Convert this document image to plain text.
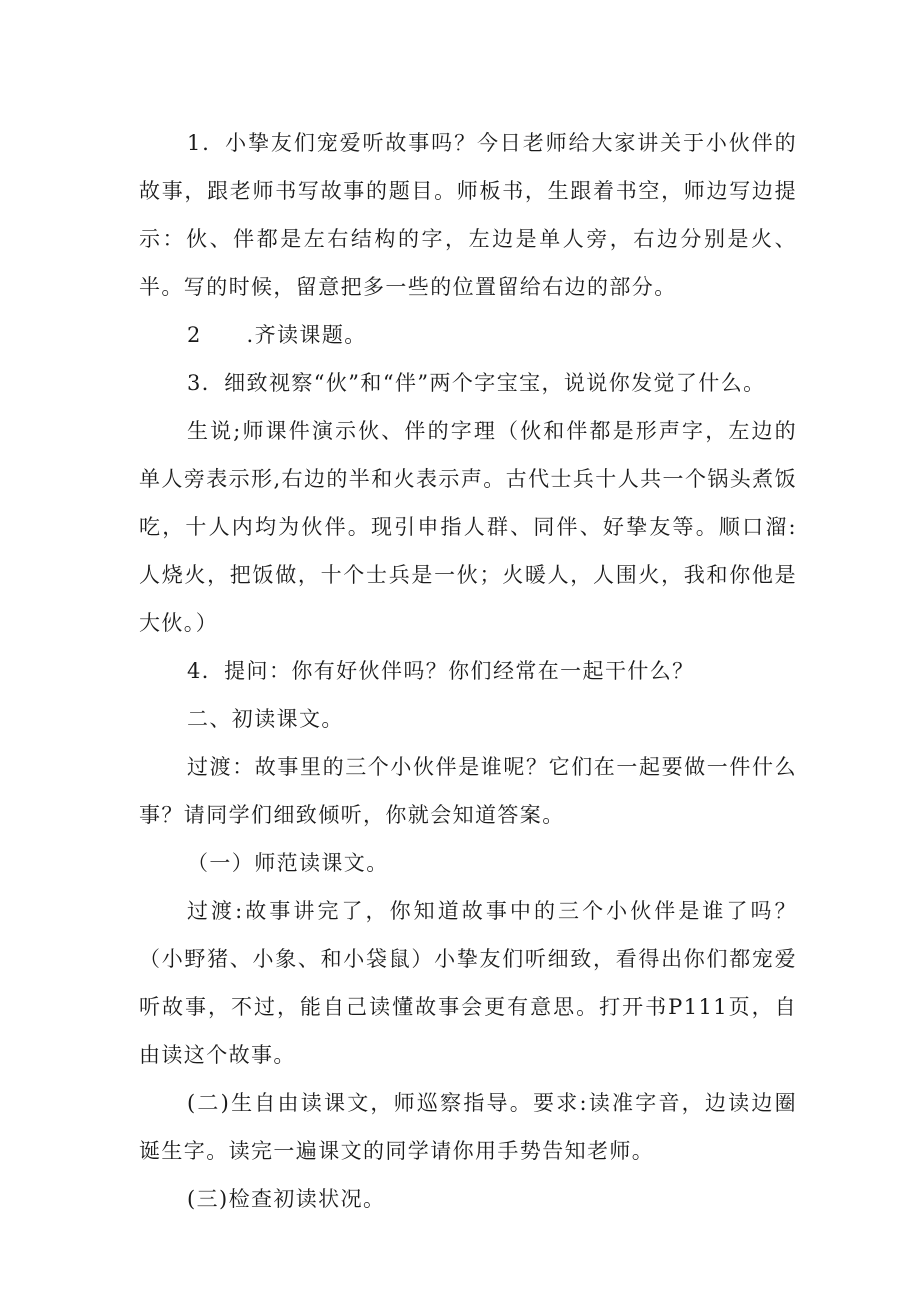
1．小挚友们宠爱听故事吗？今日老师给大家讲关于小伙伴的故事，跟老师书写故事的题目。师板书，生跟着书空，师边写边提示：伙、伴都是左右结构的字，左边是单人旁，右边分别是火、半。写的时候，留意把多一些的位置留给右边的部分。

2　　.齐读课题。

3．细致视察“伙”和“伴”两个字宝宝，说说你发觉了什么。

生说;师课件演示伙、伴的字理（伙和伴都是形声字，左边的单人旁表示形,右边的半和火表示声。古代士兵十人共一个锅头煮饭吃，十人内均为伙伴。现引申指人群、同伴、好挚友等。顺口溜:人烧火，把饭做，十个士兵是一伙；火暖人，人围火，我和你他是大伙。）

4．提问：你有好伙伴吗？你们经常在一起干什么？

二、初读课文。

过渡：故事里的三个小伙伴是谁呢？它们在一起要做一件什么事？请同学们细致倾听，你就会知道答案。

（一）师范读课文。

过渡:故事讲完了，你知道故事中的三个小伙伴是谁了吗？（小野猪、小象、和小袋鼠）小挚友们听细致，看得出你们都宠爱听故事，不过，能自己读懂故事会更有意思。打开书P111页，自由读这个故事。

(二)生自由读课文，师巡察指导。要求:读准字音，边读边圈诞生字。读完一遍课文的同学请你用手势告知老师。

(三)检查初读状况。
